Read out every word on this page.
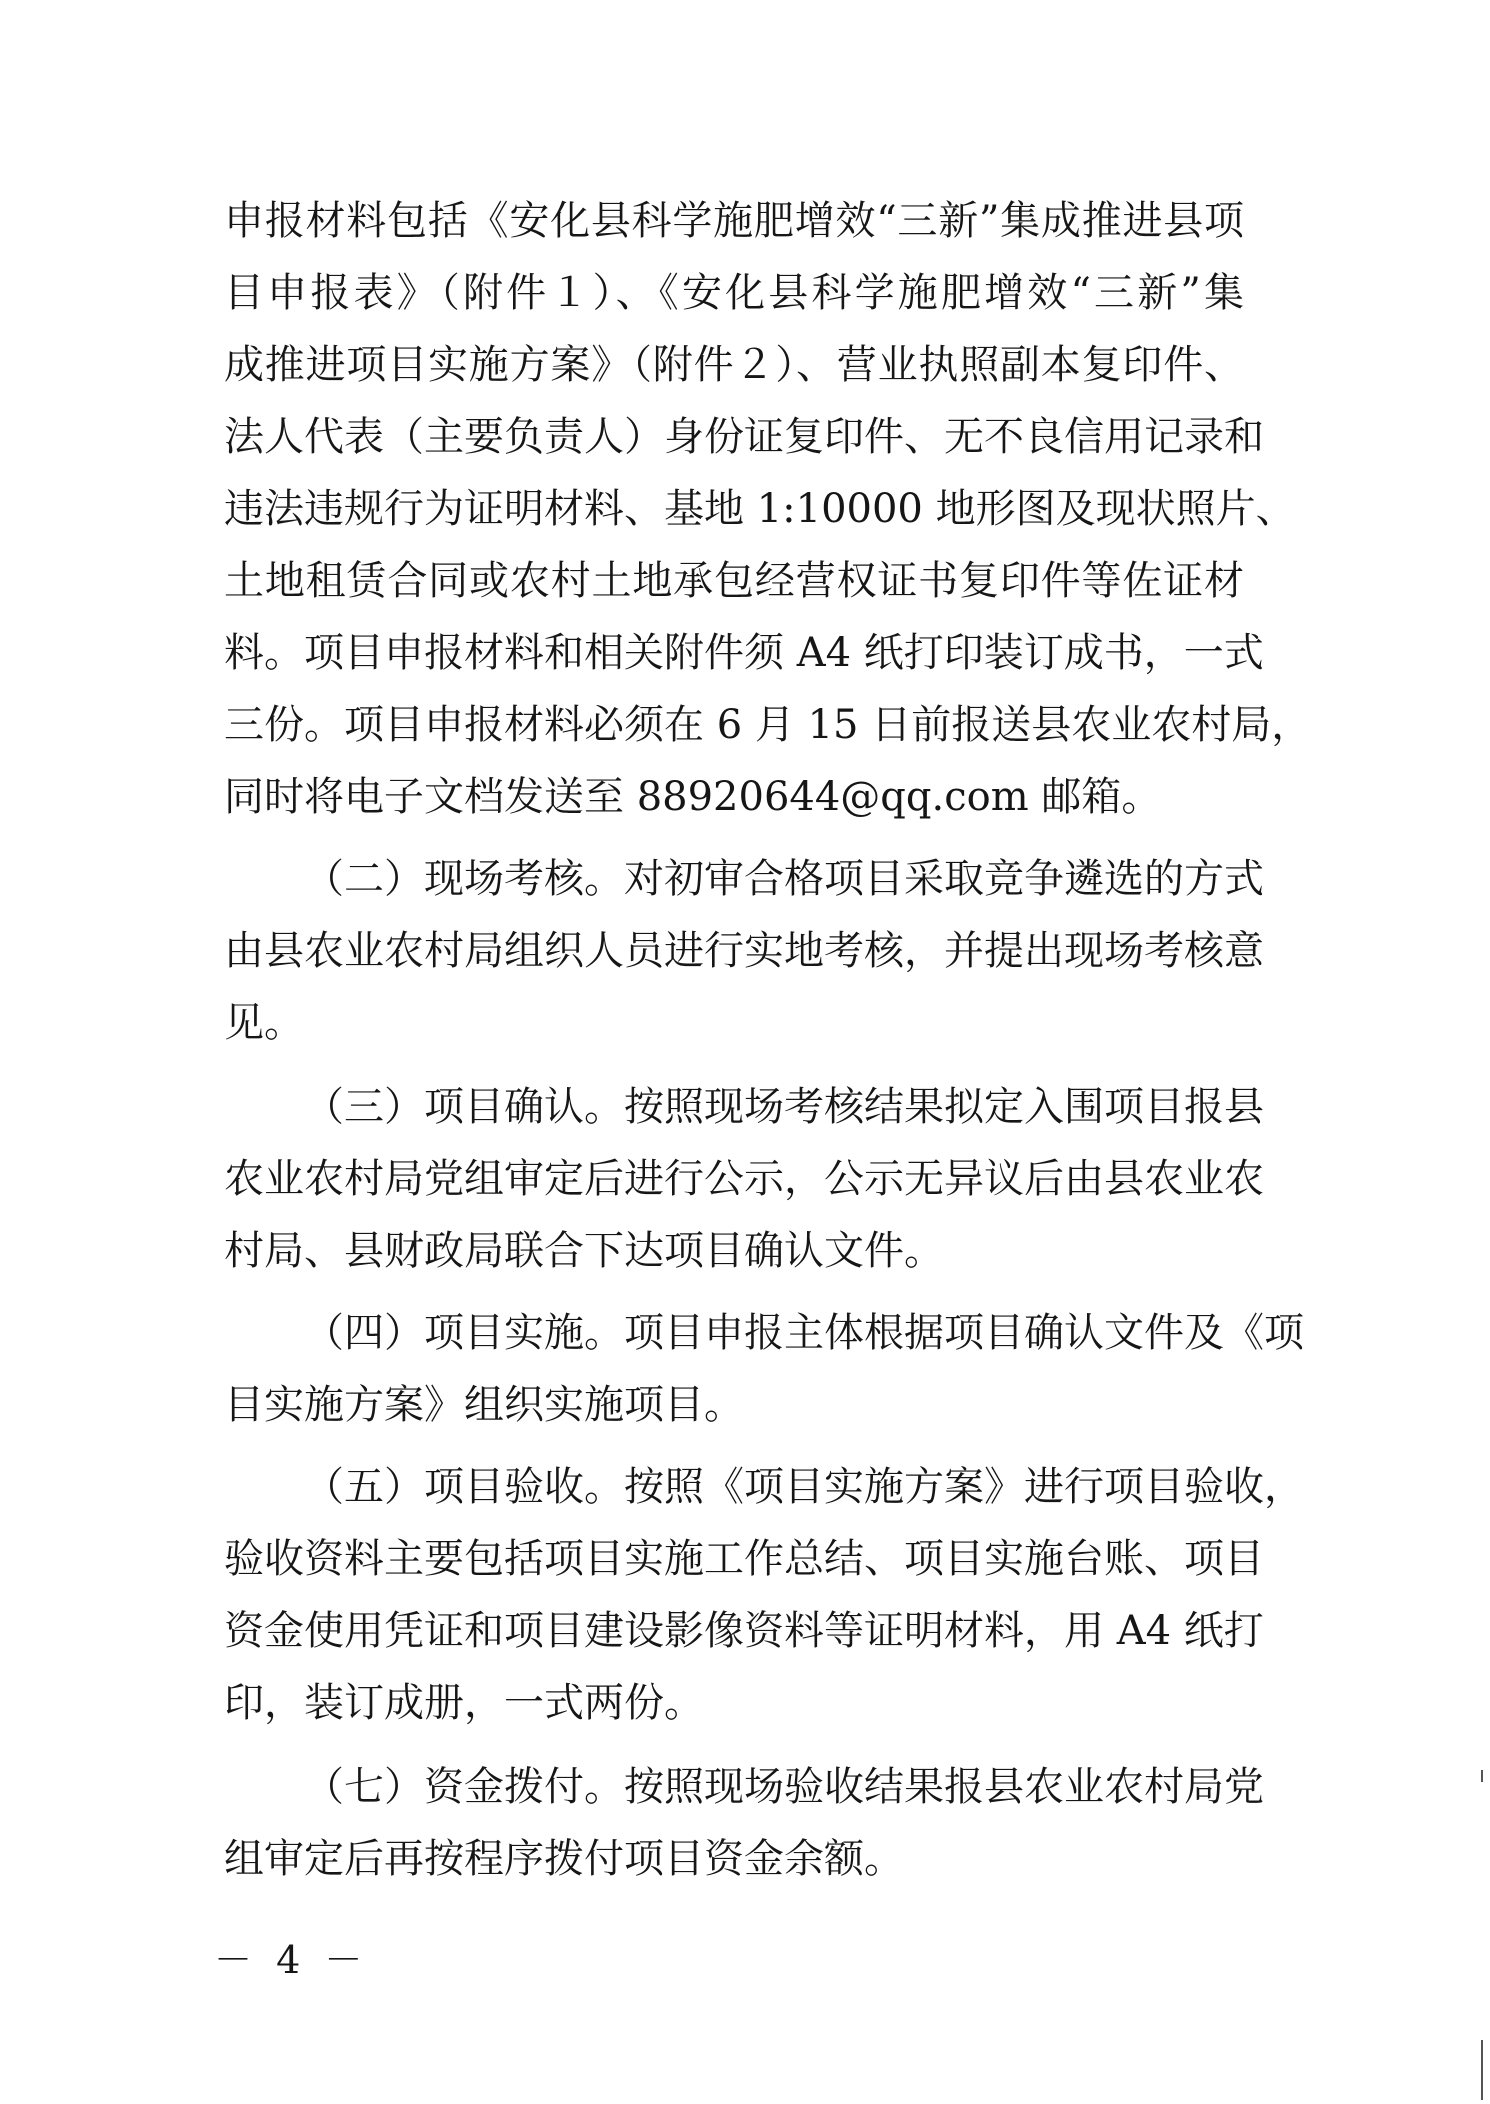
申报材料包括《安化县科学施肥增效“三新”集成推进县项
目申报表》（附件１）、《安化县科学施肥增效“三新”集
成推进项目实施方案》（附件２）、营业执照副本复印件、
法人代表（主要负责人）身份证复印件、无不良信用记录和
违法违规行为证明材料、基地 1:10000 地形图及现状照片、
土地租赁合同或农村土地承包经营权证书复印件等佐证材
料。项目申报材料和相关附件须 A4 纸打印装订成书，一式
三份。项目申报材料必须在 6 月 15 日前报送县农业农村局，
同时将电子文档发送至 88920644@qq.com 邮箱。
（二）现场考核。对初审合格项目采取竞争遴选的方式
由县农业农村局组织人员进行实地考核，并提出现场考核意
见。
（三）项目确认。按照现场考核结果拟定入围项目报县
农业农村局党组审定后进行公示，公示无异议后由县农业农
村局、县财政局联合下达项目确认文件。
（四）项目实施。项目申报主体根据项目确认文件及《项
目实施方案》组织实施项目。
（五）项目验收。按照《项目实施方案》进行项目验收，
验收资料主要包括项目实施工作总结、项目实施台账、项目
资金使用凭证和项目建设影像资料等证明材料，用 A4 纸打
印，装订成册，一式两份。
（七）资金拨付。按照现场验收结果报县农业农村局党
组审定后再按程序拨付项目资金余额。
－ 4 －
